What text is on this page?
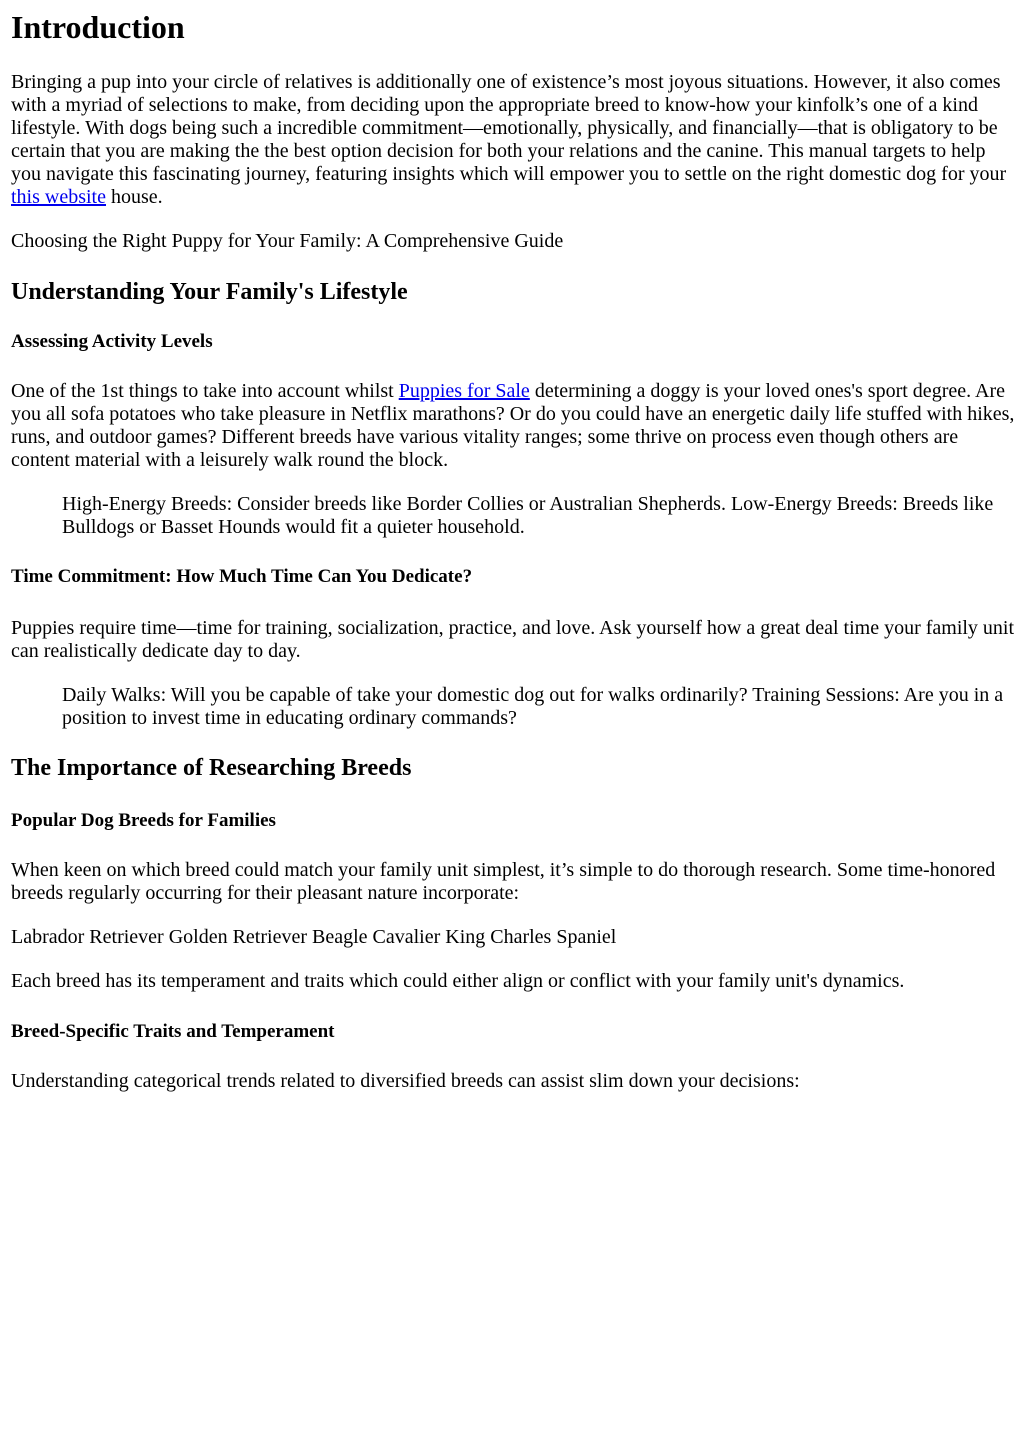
Introduction

Bringing a pup into your circle of relatives is additionally one of existence’s most joyous situations. However, it also comes with a myriad of selections to make, from deciding upon the appropriate breed to know-how your kinfolk’s one of a kind lifestyle. With dogs being such a incredible commitment—emotionally, physically, and financially—that is obligatory to be certain that you are making the the best option decision for both your relations and the canine. This manual targets to help you navigate this fascinating journey, featuring insights which will empower you to settle on the right domestic dog for your this website house.

Choosing the Right Puppy for Your Family: A Comprehensive Guide

Understanding Your Family's Lifestyle
Assessing Activity Levels

One of the 1st things to take into account whilst Puppies for Sale determining a doggy is your loved ones's sport degree. Are you all sofa potatoes who take pleasure in Netflix marathons? Or do you could have an energetic daily life stuffed with hikes, runs, and outdoor games? Different breeds have various vitality ranges; some thrive on process even though others are content material with a leisurely walk round the block.

High-Energy Breeds: Consider breeds like Border Collies or Australian Shepherds. Low-Energy Breeds: Breeds like Bulldogs or Basset Hounds would fit a quieter household.
Time Commitment: How Much Time Can You Dedicate?

Puppies require time—time for training, socialization, practice, and love. Ask yourself how a great deal time your family unit can realistically dedicate day to day.

Daily Walks: Will you be capable of take your domestic dog out for walks ordinarily? Training Sessions: Are you in a position to invest time in educating ordinary commands?
The Importance of Researching Breeds
Popular Dog Breeds for Families

When keen on which breed could match your family unit simplest, it’s simple to do thorough research. Some time-honored breeds regularly occurring for their pleasant nature incorporate:

Labrador Retriever Golden Retriever Beagle Cavalier King Charles Spaniel

Each breed has its temperament and traits which could either align or conflict with your family unit's dynamics.

Breed-Specific Traits and Temperament

Understanding categorical trends related to diversified breeds can assist slim down your decisions:
